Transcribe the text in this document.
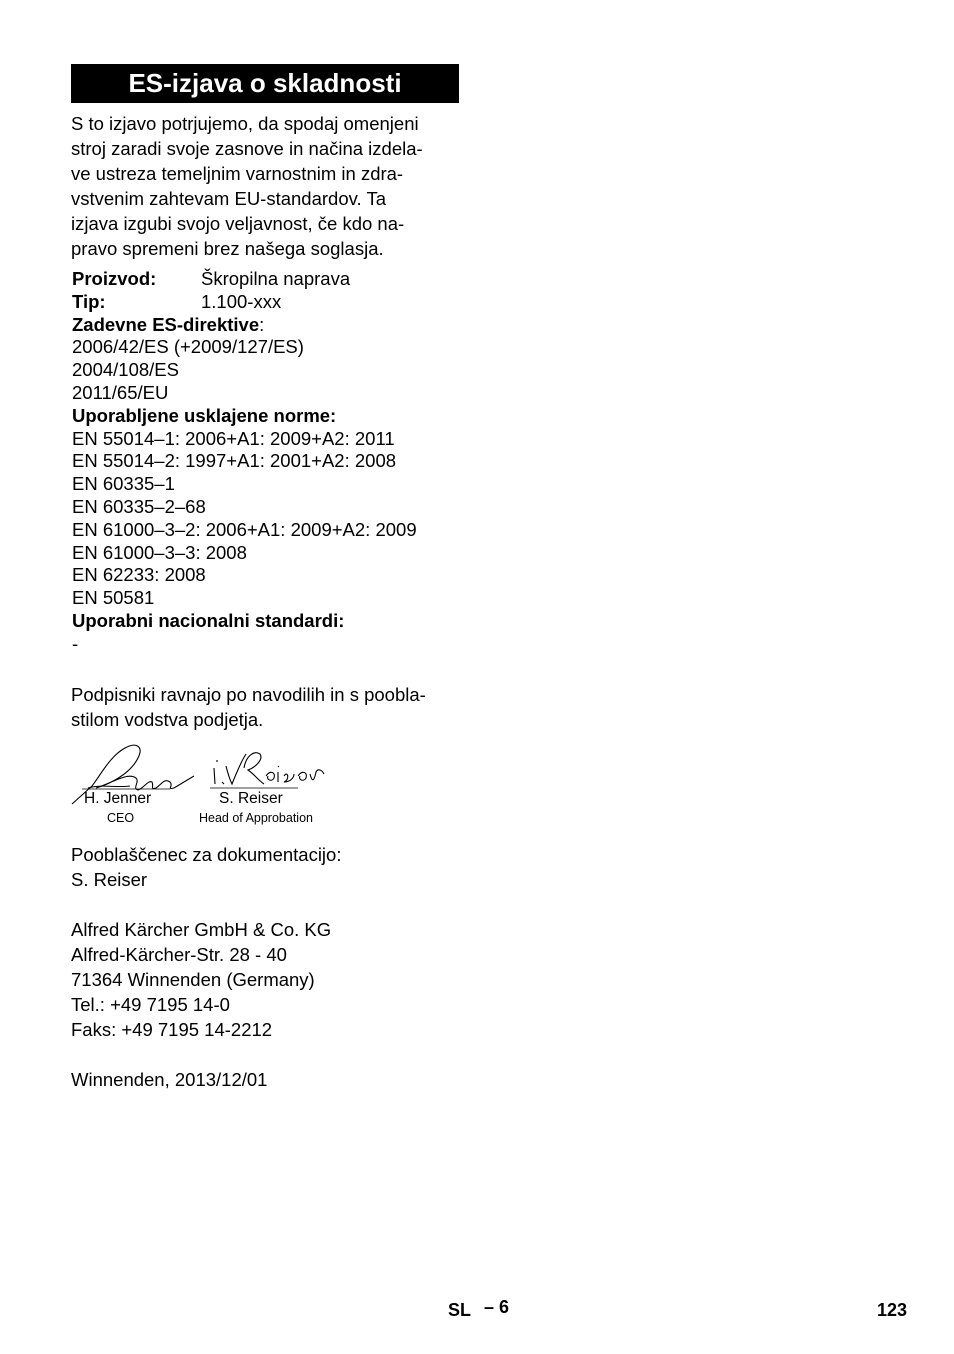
ES-izjava o skladnosti
S to izjavo potrjujemo, da spodaj omenjeni
stroj zaradi svoje zasnove in načina izdela-
ve ustreza temeljnim varnostnim in zdra-
vstvenim zahtevam EU-standardov. Ta
izjava izgubi svojo veljavnost, če kdo na-
pravo spremeni brez našega soglasja.
Proizvod: Škropilna naprava
Tip:	1.100-xxx
Zadevne ES-direktive:
2006/42/ES (+2009/127/ES)
2004/108/ES
2011/65/EU
Uporabljene usklajene norme:
EN 55014–1: 2006+A1: 2009+A2: 2011
EN 55014–2: 1997+A1: 2001+A2: 2008
EN 60335–1
EN 60335–2–68
EN 61000–3–2: 2006+A1: 2009+A2: 2009
EN 61000–3–3: 2008
EN 62233: 2008
EN 50581
Uporabni nacionalni standardi:
-
Podpisniki ravnajo po navodilih in s poobla-
stilom vodstva podjetja.
H. Jenner
CEO
S. Reiser
Head of Approbation
Pooblaščenec za dokumentacijo:
S. Reiser
Alfred Kärcher GmbH & Co. KG
Alfred-Kärcher-Str. 28 - 40
71364 Winnenden (Germany)
Tel.: +49 7195 14-0
Faks: +49 7195 14-2212
Winnenden, 2013/12/01
SL – 6	123
